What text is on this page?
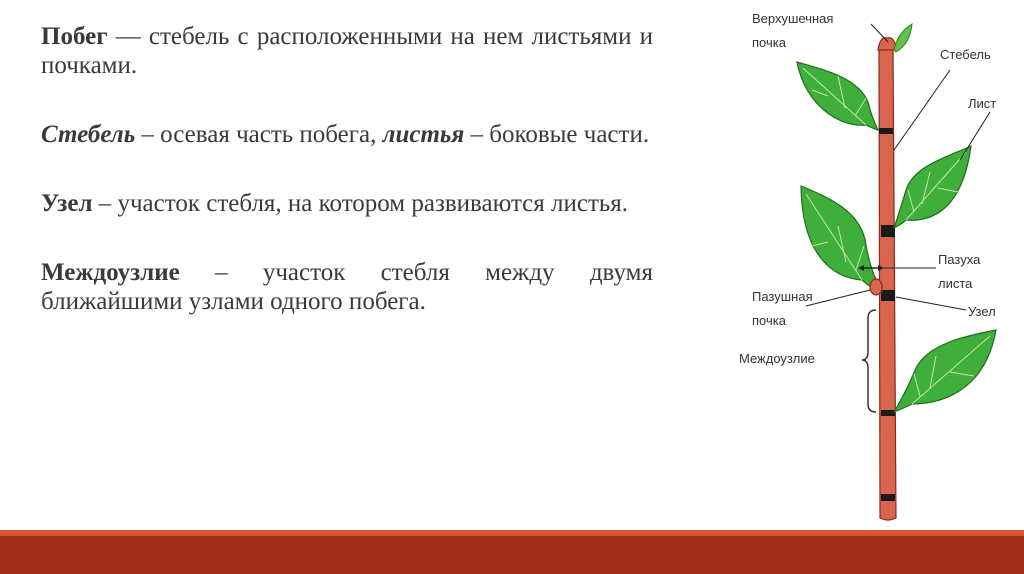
Побег — стебель с расположенными на нем листьями и почками.

Стебель – осевая часть побега, листья – боковые части.

Узел – участок стебля, на котором развиваются листья.

Междоузлие – участок стебля между двумя ближайшими узлами одного побега.

Верхушечная
почка
Стебель
Лист
Пазуха
листа
Пазушная
почка
Узел
Междоузлие
